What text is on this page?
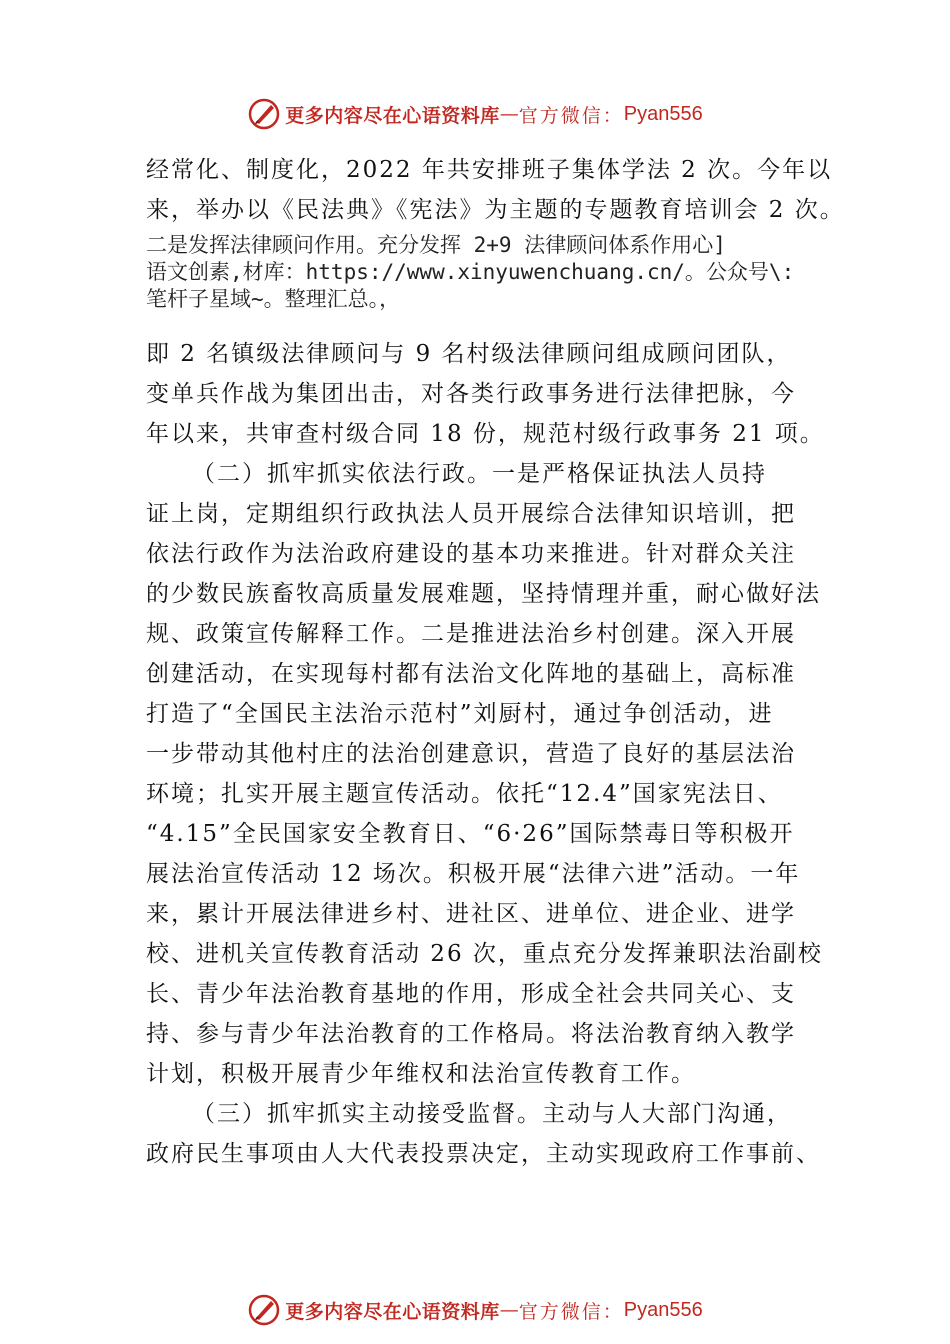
更多内容尽在心语资料库 — 官方微信： Pyan556
经常化、制度化，2022 年共安排班子集体学法 2 次。今年以
来，举办以《民法典》《宪法》为主题的专题教育培训会 2 次。
二是发挥法律顾问作用。充分发挥 2+9 法律顾问体系作用心]
语文创素,材库：https://www.xinyuwenchuang.cn/。公众号\:
笔杆子星域~。整理汇总。，
即 2 名镇级法律顾问与 9 名村级法律顾问组成顾问团队，
变单兵作战为集团出击，对各类行政事务进行法律把脉，今
年以来，共审查村级合同 18 份，规范村级行政事务 21 项。
（二）抓牢抓实依法行政。一是严格保证执法人员持
证上岗，定期组织行政执法人员开展综合法律知识培训，把
依法行政作为法治政府建设的基本功来推进。针对群众关注
的少数民族畜牧高质量发展难题，坚持情理并重，耐心做好法
规、政策宣传解释工作。二是推进法治乡村创建。深入开展
创建活动，在实现每村都有法治文化阵地的基础上，高标准
打造了“全国民主法治示范村”刘厨村，通过争创活动，进
一步带动其他村庄的法治创建意识，营造了良好的基层法治
环境；扎实开展主题宣传活动。依托“12.4”国家宪法日、
“4.15”全民国家安全教育日、“6·26”国际禁毒日等积极开
展法治宣传活动 12 场次。积极开展“法律六进”活动。一年
来，累计开展法律进乡村、进社区、进单位、进企业、进学
校、进机关宣传教育活动 26 次，重点充分发挥兼职法治副校
长、青少年法治教育基地的作用，形成全社会共同关心、支
持、参与青少年法治教育的工作格局。将法治教育纳入教学
计划，积极开展青少年维权和法治宣传教育工作。
（三）抓牢抓实主动接受监督。主动与人大部门沟通，
政府民生事项由人大代表投票决定，主动实现政府工作事前、
更多内容尽在心语资料库 — 官方微信： Pyan556
